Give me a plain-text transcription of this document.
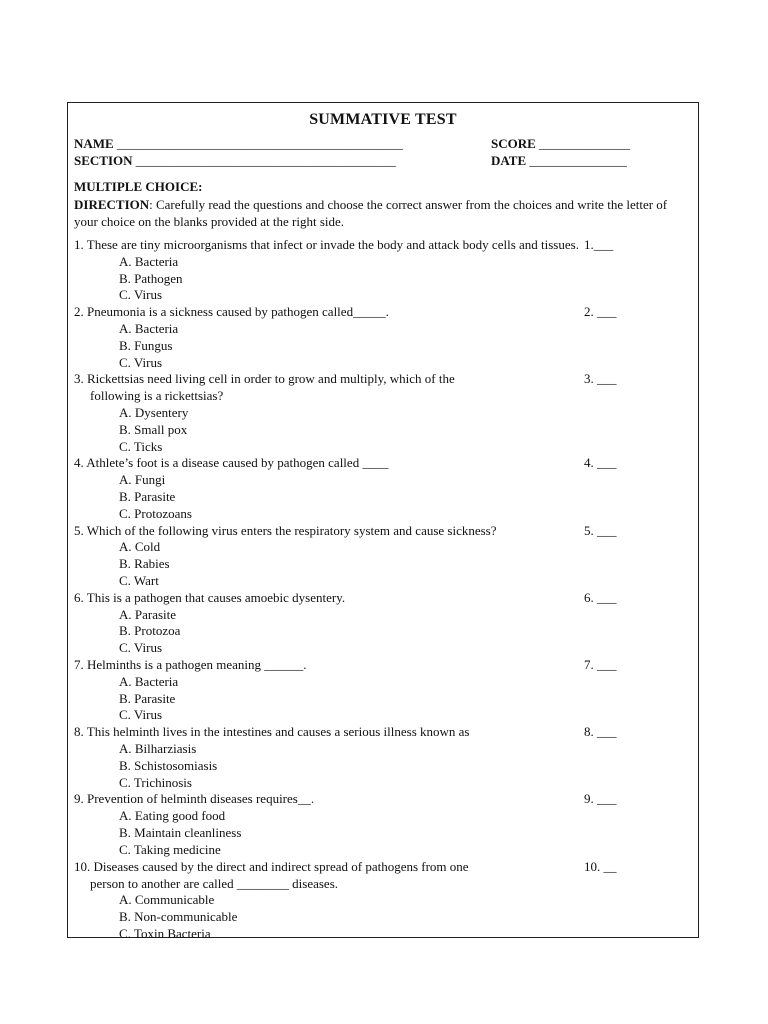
SUMMATIVE TEST
NAME ____________________________________________	SCORE ______________
SECTION ________________________________________	DATE _______________
MULTIPLE CHOICE:
DIRECTION: Carefully read the questions and choose the correct answer from the choices and write the letter of your choice on the blanks provided at the right side.
1. These are tiny microorganisms that infect or invade the body and attack body cells and tissues. 1.___
A. Bacteria
B. Pathogen
C. Virus
2. Pneumonia is a sickness caused by pathogen called_____.	2. ___
A. Bacteria
B. Fungus
C. Virus
3. Rickettsias need living cell in order to grow and multiply, which of the	3. ___
following is a rickettsias?
A. Dysentery
B. Small pox
C. Ticks
4. Athlete’s foot is a disease caused by pathogen called ____	4. ___
A. Fungi
B. Parasite
C. Protozoans
5. Which of the following virus enters the respiratory system and cause sickness?	5. ___
A. Cold
B. Rabies
C. Wart
6. This is a pathogen that causes amoebic dysentery.	6. ___
A. Parasite
B. Protozoa
C. Virus
7. Helminths is a pathogen meaning ______.	7. ___
A. Bacteria
B. Parasite
C. Virus
8. This helminth lives in the intestines and causes a serious illness known as	8. ___
A. Bilharziasis
B. Schistosomiasis
C. Trichinosis
9. Prevention of helminth diseases requires__.	9. ___
A. Eating good food
B. Maintain cleanliness
C. Taking medicine
10. Diseases caused by the direct and indirect spread of pathogens from one	10. __
person to another are called ________ diseases.
A. Communicable
B. Non-communicable
C. Toxin Bacteria
